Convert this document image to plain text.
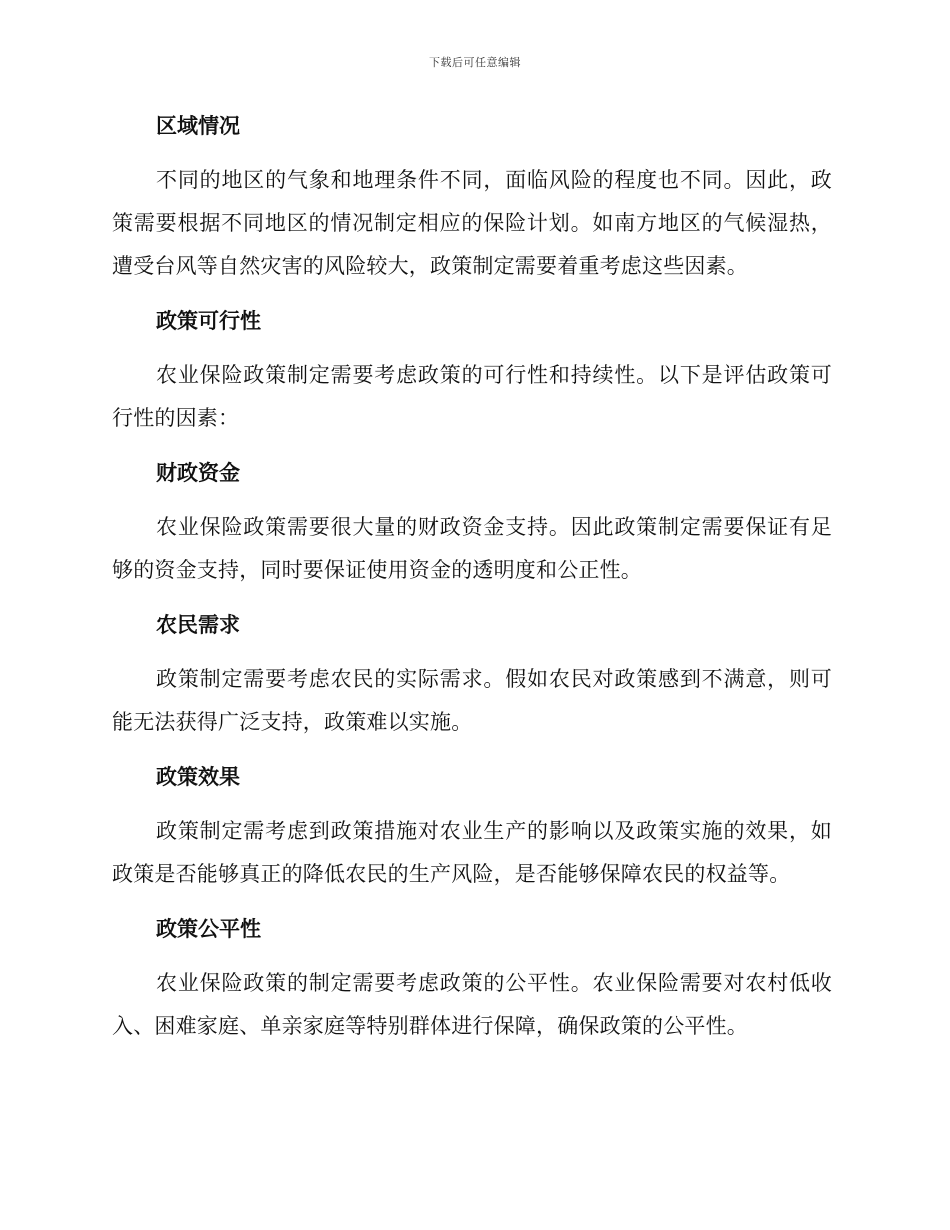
下载后可任意编辑
区域情况

不同的地区的气象和地理条件不同，面临风险的程度也不同。因此，政策需要根据不同地区的情况制定相应的保险计划。如南方地区的气候湿热，遭受台风等自然灾害的风险较大，政策制定需要着重考虑这些因素。

政策可行性

农业保险政策制定需要考虑政策的可行性和持续性。以下是评估政策可行性的因素：

财政资金

农业保险政策需要很大量的财政资金支持。因此政策制定需要保证有足够的资金支持，同时要保证使用资金的透明度和公正性。

农民需求

政策制定需要考虑农民的实际需求。假如农民对政策感到不满意，则可能无法获得广泛支持，政策难以实施。

政策效果

政策制定需考虑到政策措施对农业生产的影响以及政策实施的效果，如政策是否能够真正的降低农民的生产风险，是否能够保障农民的权益等。

政策公平性

农业保险政策的制定需要考虑政策的公平性。农业保险需要对农村低收入、困难家庭、单亲家庭等特别群体进行保障，确保政策的公平性。
